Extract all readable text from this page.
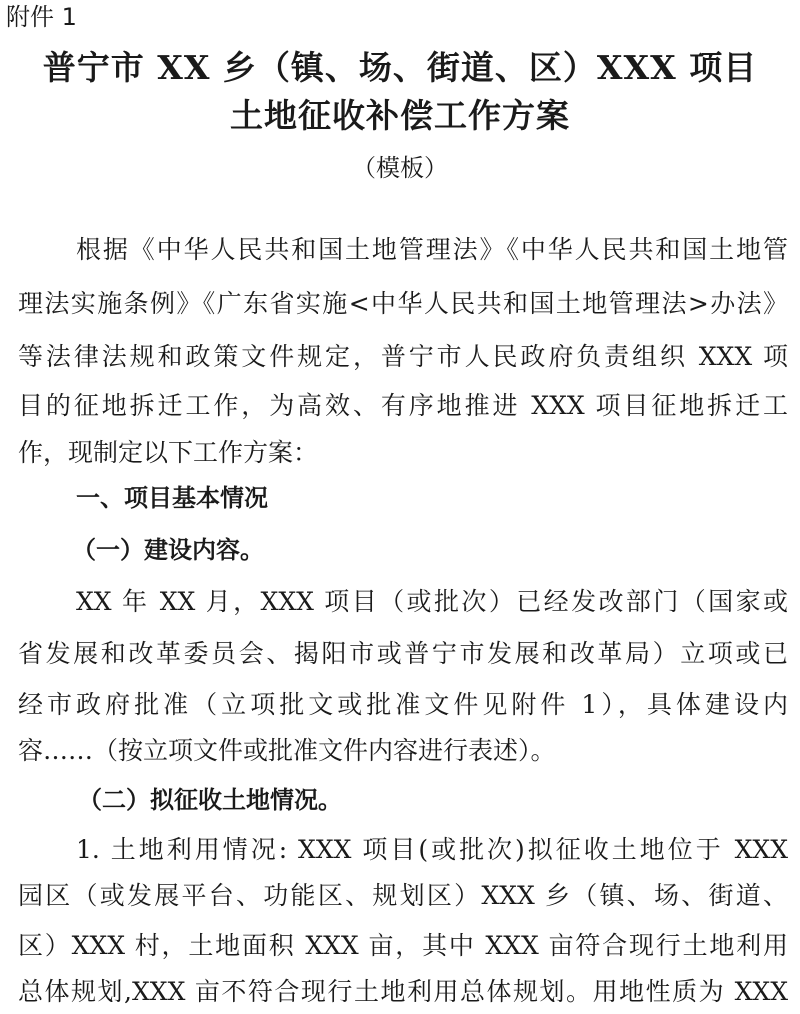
附件 1
普宁市 XX 乡（镇、场、街道、区）XXX 项目
土地征收补偿工作方案
（模板）
根据《中华人民共和国土地管理法》《中华人民共和国土地管
理法实施条例》《广东省实施<中华人民共和国土地管理法>办法》
等法律法规和政策文件规定，普宁市人民政府负责组织 XXX 项
目的征地拆迁工作，为高效、有序地推进 XXX 项目征地拆迁工
作，现制定以下工作方案：
一、项目基本情况
（一）建设内容。
XX 年 XX 月，XXX 项目（或批次）已经发改部门（国家或
省发展和改革委员会、揭阳市或普宁市发展和改革局）立项或已
经市政府批准（立项批文或批准文件见附件 1），具体建设内
容……（按立项文件或批准文件内容进行表述）。
（二）拟征收土地情况。
1. 土地利用情况: XXX 项目(或批次)拟征收土地位于 XXX
园区（或发展平台、功能区、规划区）XXX 乡（镇、场、街道、
区）XXX 村，土地面积 XXX 亩，其中 XXX 亩符合现行土地利用
总体规划,XXX 亩不符合现行土地利用总体规划。用地性质为 XXX
